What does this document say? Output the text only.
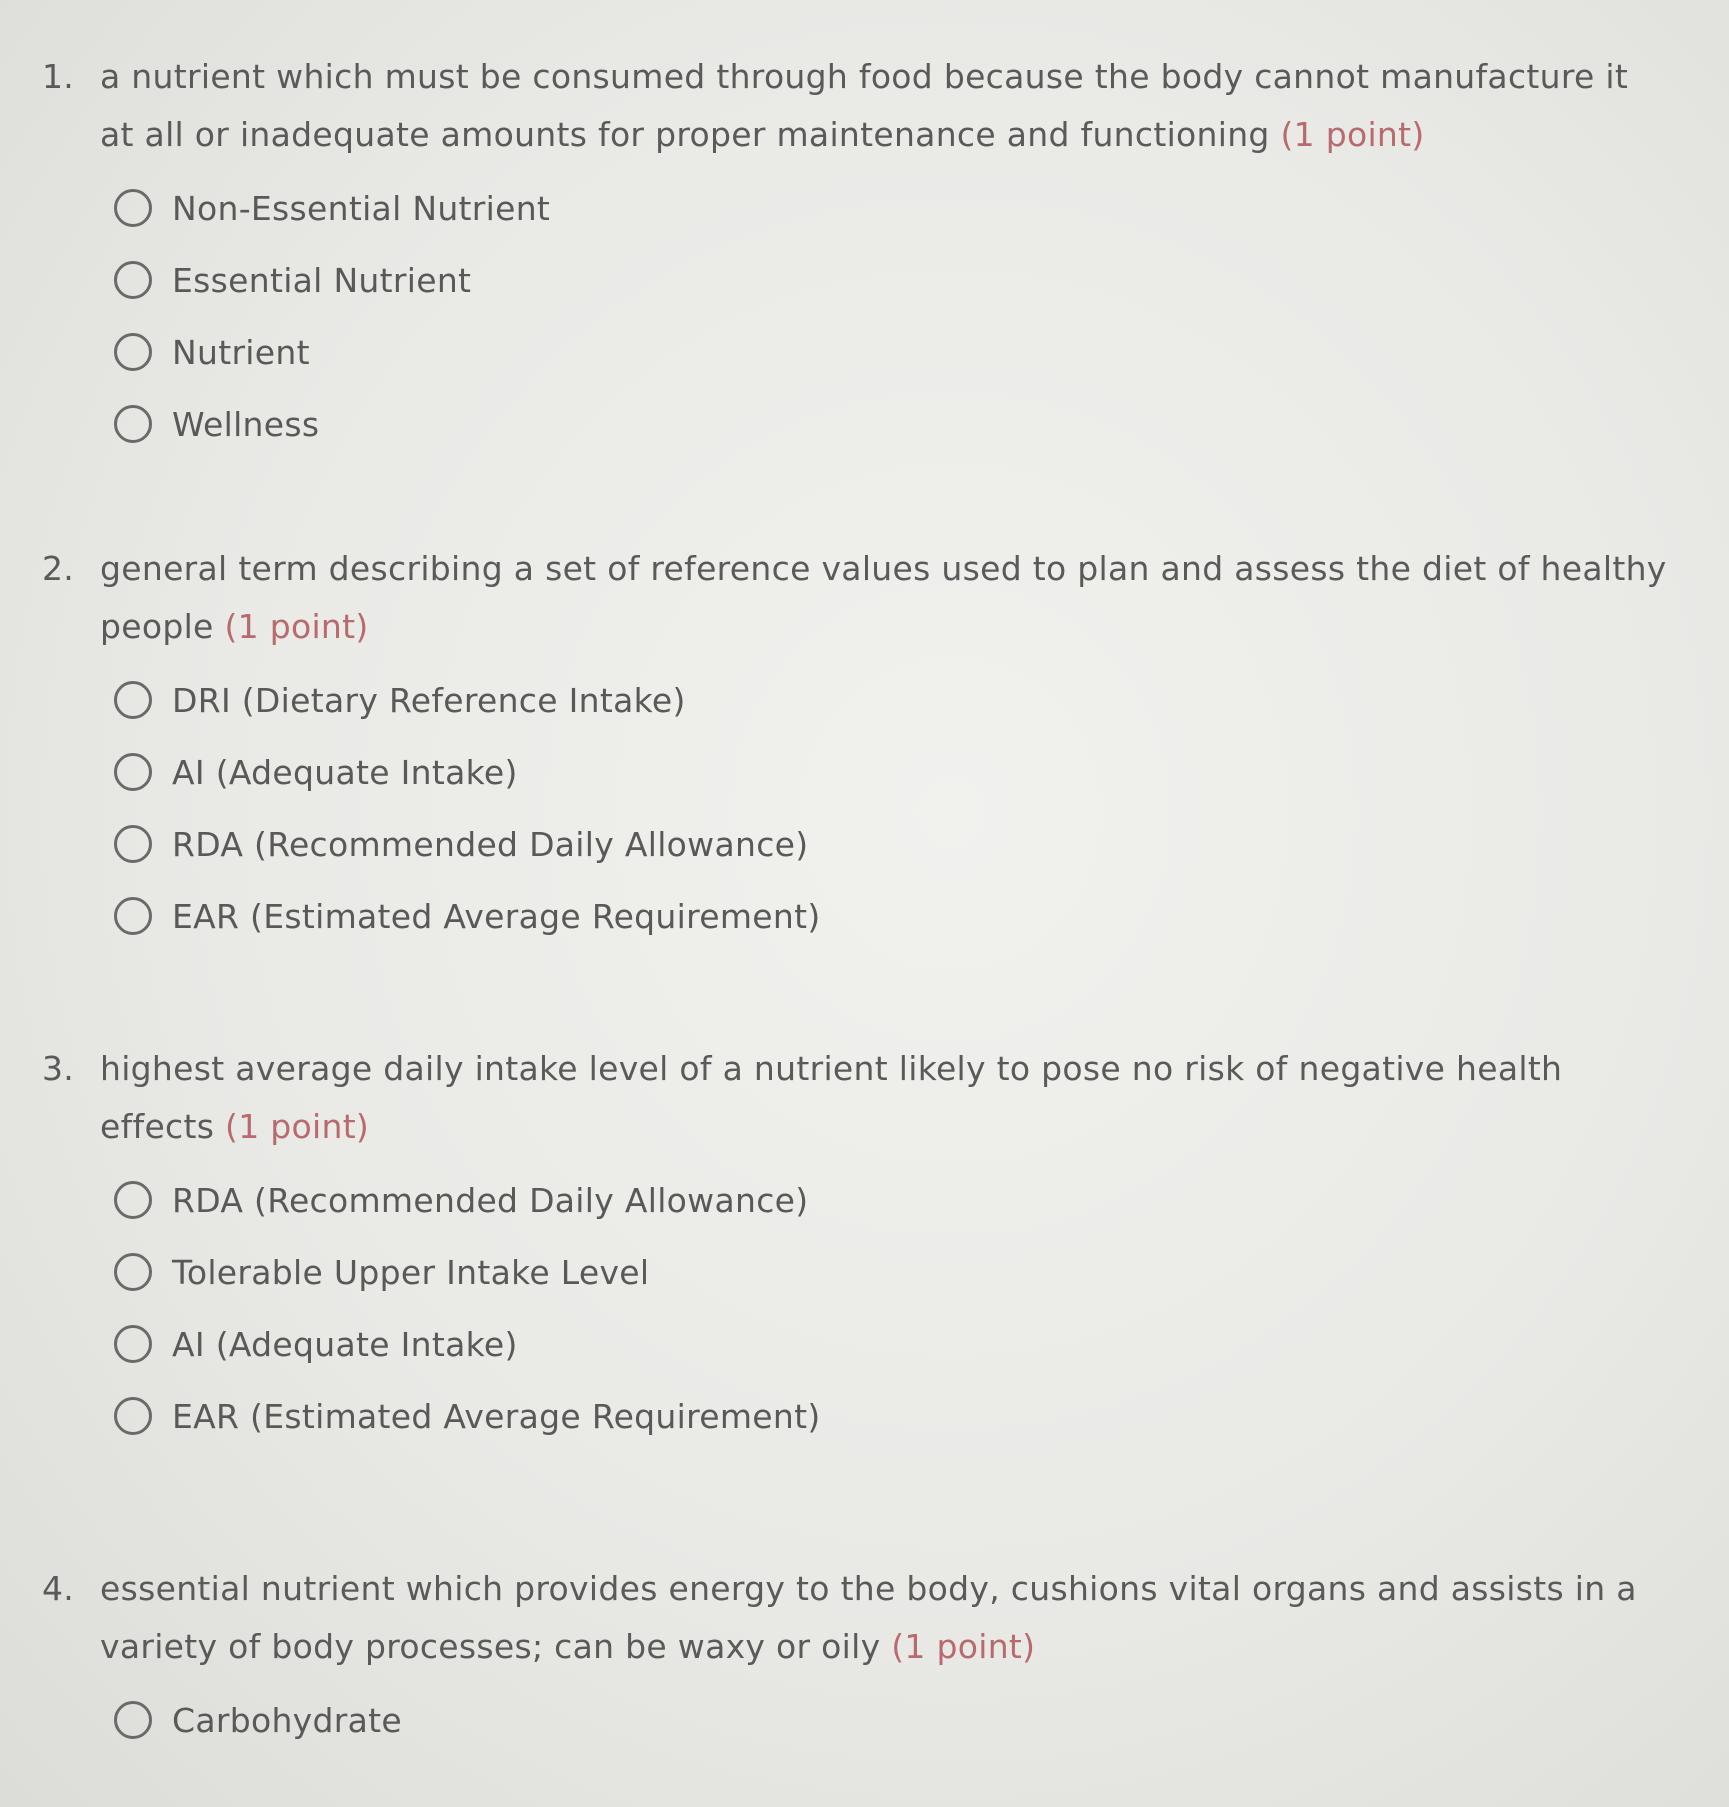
1. a nutrient which must be consumed through food because the body cannot manufacture it at all or inadequate amounts for proper maintenance and functioning (1 point)
Non-Essential Nutrient
Essential Nutrient
Nutrient
Wellness
2. general term describing a set of reference values used to plan and assess the diet of healthy people (1 point)
DRI (Dietary Reference Intake)
AI (Adequate Intake)
RDA (Recommended Daily Allowance)
EAR (Estimated Average Requirement)
3. highest average daily intake level of a nutrient likely to pose no risk of negative health effects (1 point)
RDA (Recommended Daily Allowance)
Tolerable Upper Intake Level
AI (Adequate Intake)
EAR (Estimated Average Requirement)
4. essential nutrient which provides energy to the body, cushions vital organs and assists in a variety of body processes; can be waxy or oily (1 point)
Carbohydrate
